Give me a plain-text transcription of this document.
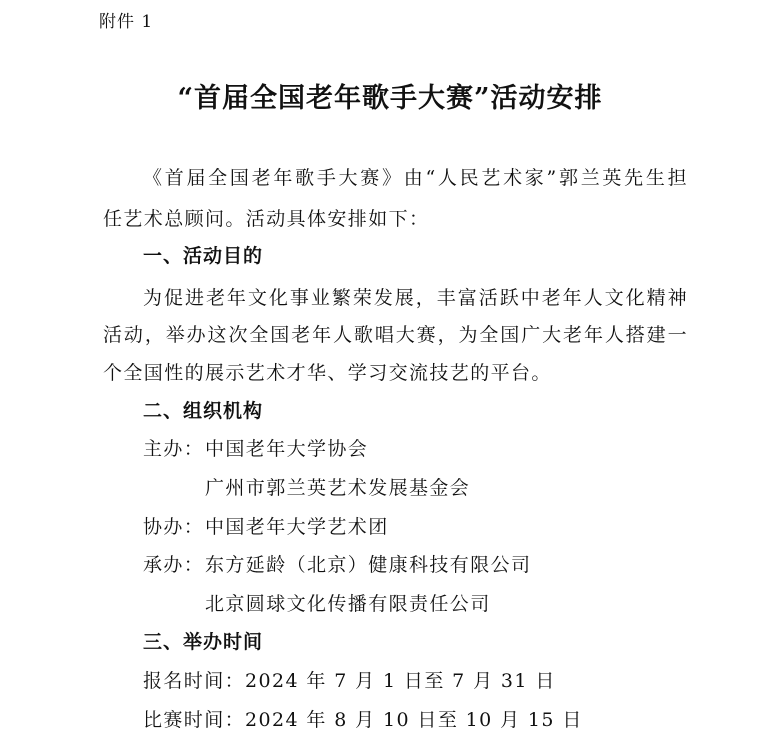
附件 1
“首届全国老年歌手大赛”活动安排
《首届全国老年歌手大赛》由“人民艺术家”郭兰英先生担
任艺术总顾问。活动具体安排如下：
一、活动目的
为促进老年文化事业繁荣发展，丰富活跃中老年人文化精神
活动，举办这次全国老年人歌唱大赛，为全国广大老年人搭建一
个全国性的展示艺术才华、学习交流技艺的平台。
二、组织机构
主办： 中国老年大学协会
广州市郭兰英艺术发展基金会
协办： 中国老年大学艺术团
承办： 东方延龄（北京）健康科技有限公司
北京圆球文化传播有限责任公司
三、举办时间
报名时间：2024 年 7 月 1 日至 7 月 31 日
比赛时间：2024 年 8 月 10 日至 10 月 15 日
